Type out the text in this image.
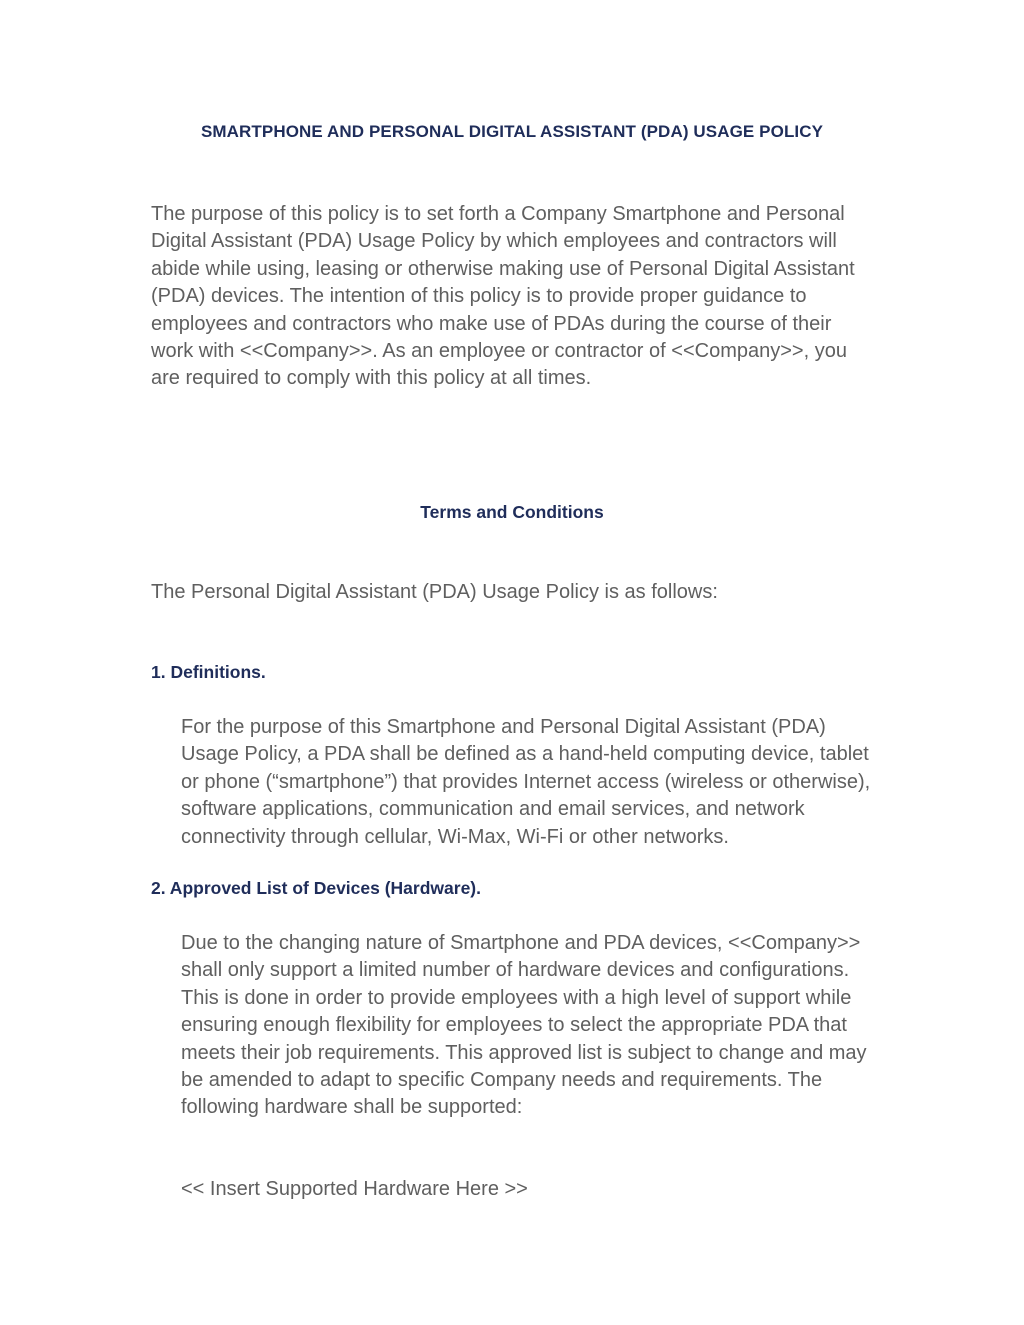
SMARTPHONE AND PERSONAL DIGITAL ASSISTANT (PDA) USAGE POLICY

The purpose of this policy is to set forth a Company Smartphone and Personal Digital Assistant (PDA) Usage Policy by which employees and contractors will abide while using, leasing or otherwise making use of Personal Digital Assistant (PDA) devices. The intention of this policy is to provide proper guidance to employees and contractors who make use of PDAs during the course of their work with <<Company>>. As an employee or contractor of <<Company>>, you are required to comply with this policy at all times.

Terms and Conditions

The Personal Digital Assistant (PDA) Usage Policy is as follows:

1. Definitions.

For the purpose of this Smartphone and Personal Digital Assistant (PDA) Usage Policy, a PDA shall be defined as a hand-held computing device, tablet or phone (“smartphone”) that provides Internet access (wireless or otherwise), software applications, communication and email services, and network connectivity through cellular, Wi-Max, Wi-Fi or other networks.

2. Approved List of Devices (Hardware).

Due to the changing nature of Smartphone and PDA devices, <<Company>> shall only support a limited number of hardware devices and configurations. This is done in order to provide employees with a high level of support while ensuring enough flexibility for employees to select the appropriate PDA that meets their job requirements. This approved list is subject to change and may be amended to adapt to specific Company needs and requirements. The following hardware shall be supported:

<< Insert Supported Hardware Here >>
